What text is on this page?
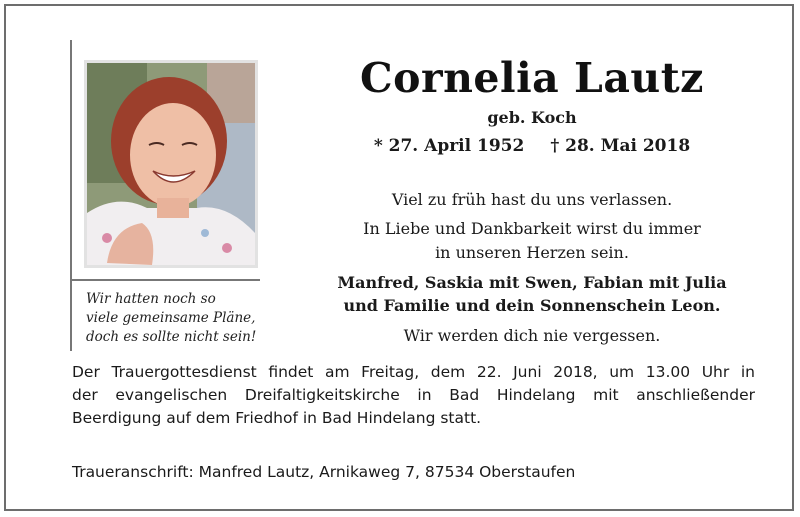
Wir hatten noch so
viele gemeinsame Pläne,
doch es sollte nicht sein!
Cornelia Lautz
geb. Koch
* 27. April 1952 † 28. Mai 2018
Viel zu früh hast du uns verlassen.
In Liebe und Dankbarkeit wirst du immer
in unseren Herzen sein.
Manfred, Saskia mit Swen, Fabian mit Julia
und Familie und dein Sonnenschein Leon.
Wir werden dich nie vergessen.
Der Trauergottesdienst findet am Freitag, dem 22. Juni 2018, um 13.00 Uhr in
der evangelischen Dreifaltigkeitskirche in Bad Hindelang mit anschließender
Beerdigung auf dem Friedhof in Bad Hindelang statt.
Traueranschrift: Manfred Lautz, Arnikaweg 7, 87534 Oberstaufen
